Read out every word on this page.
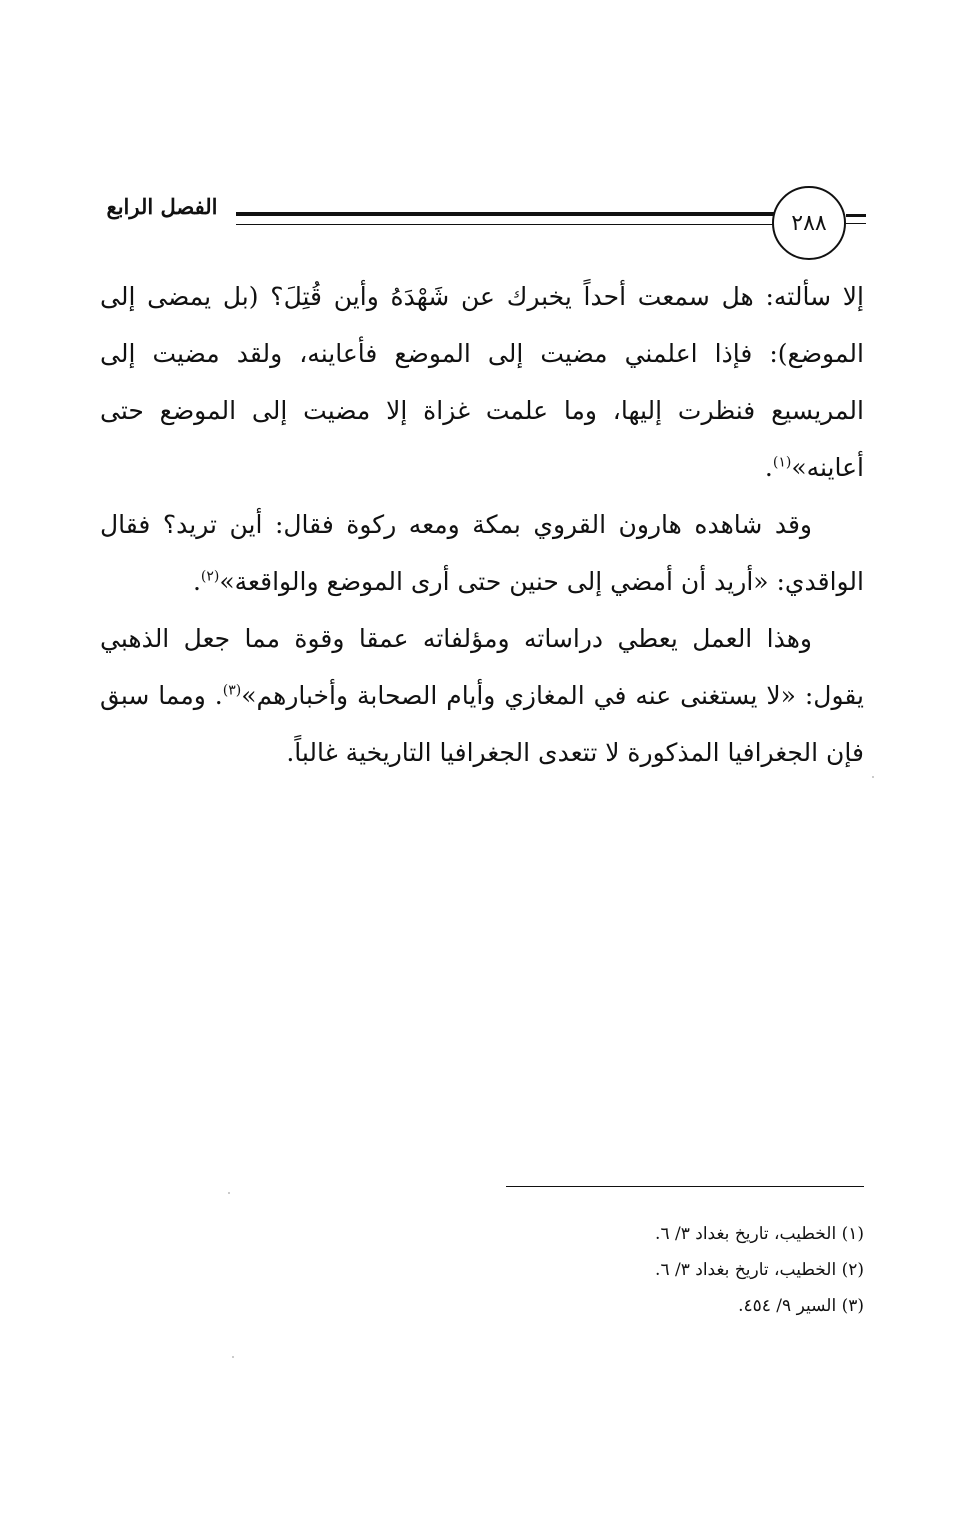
الفصل الرابع
٢٨٨

إلا سألته: هل سمعت أحداً يخبرك عن شَهْدَهُ وأين قُتِلَ؟ (بل يمضى إلى الموضع): فإذا اعلمني مضيت إلى الموضع فأعاينه، ولقد مضيت إلى المريسيع فنظرت إليها، وما علمت غزاة إلا مضيت إلى الموضع حتى أعاينه»$^{(١)}$.

وقد شاهده هارون القروي بمكة ومعه ركوة فقال: أين تريد؟ فقال الواقدي: «أريد أن أمضي إلى حنين حتى أرى الموضع والواقعة»$^{(٢)}$.

وهذا العمل يعطي دراساته ومؤلفاته عمقا وقوة مما جعل الذهبي يقول: «لا يستغنى عنه في المغازي وأيام الصحابة وأخبارهم»$^{(٣)}$. ومما سبق فإن الجغرافيا المذكورة لا تتعدى الجغرافيا التاريخية غالباً.

(١) الخطيب، تاريخ بغداد ٣/ ٦.
(٢) الخطيب، تاريخ بغداد ٣/ ٦.
(٣) السير ٩/ ٤٥٤.
